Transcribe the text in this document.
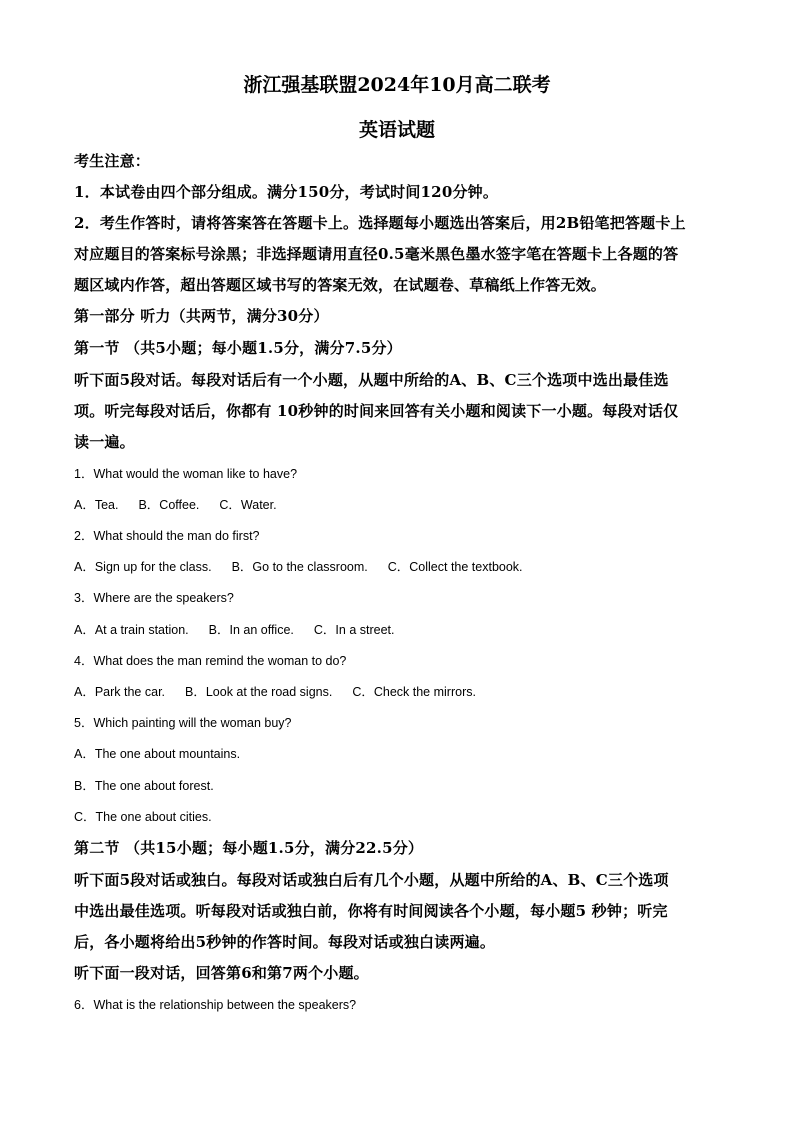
浙江强基联盟2024年10月高二联考
英语试题
考生注意：
1．本试卷由四个部分组成。满分150分，考试时间120分钟。
2．考生作答时，请将答案答在答题卡上。选择题每小题选出答案后，用2B铅笔把答题卡上
对应题目的答案标号涂黑；非选择题请用直径0.5毫米黑色墨水签字笔在答题卡上各题的答
题区域内作答，超出答题区域书写的答案无效，在试题卷、草稿纸上作答无效。
第一部分 听力（共两节，满分30分）
第一节 （共5小题；每小题1.5分，满分7.5分）
听下面5段对话。每段对话后有一个小题，从题中所给的A、B、C三个选项中选出最佳选
项。听完每段对话后，你都有 10秒钟的时间来回答有关小题和阅读下一小题。每段对话仅
读一遍。
1．What would the woman like to have?
A．Tea. B．Coffee. C．Water.
2．What should the man do first?
A．Sign up for the class. B．Go to the classroom. C．Collect the textbook.
3．Where are the speakers?
A．At a train station. B．In an office. C．In a street.
4．What does the man remind the woman to do?
A．Park the car. B．Look at the road signs. C．Check the mirrors.
5．Which painting will the woman buy?
A．The one about mountains.
B．The one about forest.
C．The one about cities.
第二节 （共15小题；每小题1.5分，满分22.5分）
听下面5段对话或独白。每段对话或独白后有几个小题，从题中所给的A、B、C三个选项
中选出最佳选项。听每段对话或独白前，你将有时间阅读各个小题，每小题5 秒钟；听完
后，各小题将给出5秒钟的作答时间。每段对话或独白读两遍。
听下面一段对话，回答第6和第7两个小题。
6．What is the relationship between the speakers?
